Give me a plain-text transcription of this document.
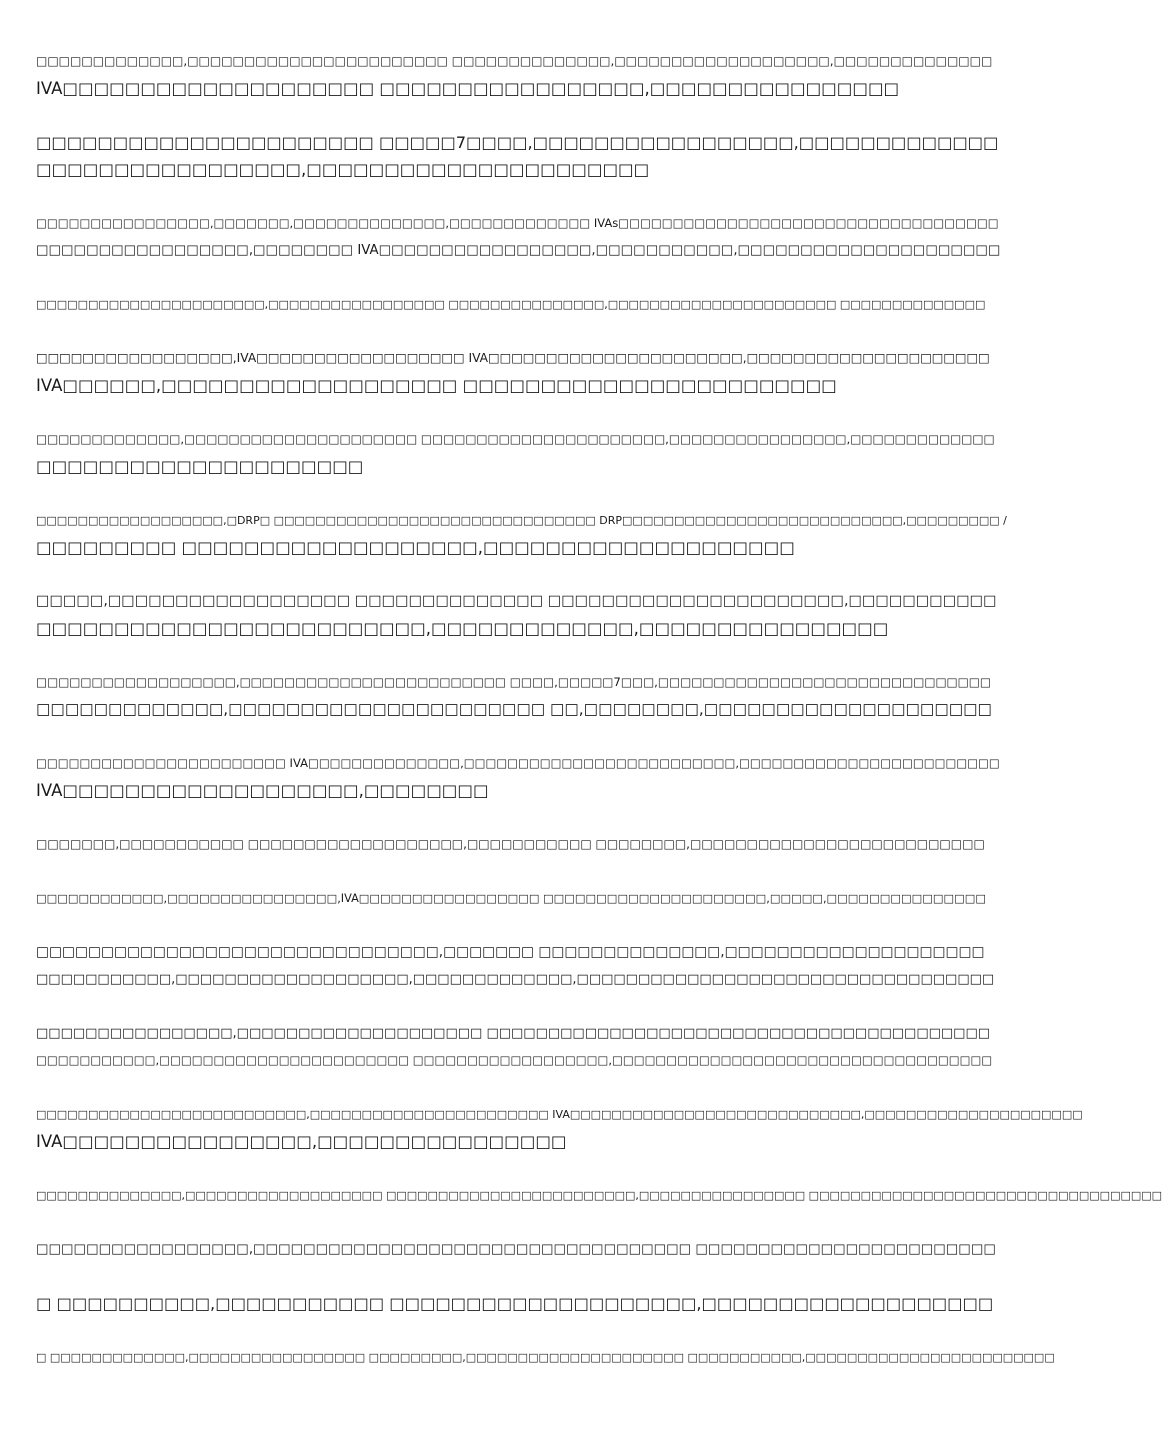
□□□□□□□□□□□□□,□□□□□□□□□□□□□□□□□□□□□□□ □□□□□□□□□□□□□□,□□□□□□□□□□□□□□□□□□□,□□□□□□□□□□□□□□
IVA□□□□□□□□□□□□□□□□□□□□ □□□□□□□□□□□□□□□□□,□□□□□□□□□□□□□□□□

□□□□□□□□□□□□□□□□□□□□□□ □□□□□7□□□□,□□□□□□□□□□□□□□□□□,□□□□□□□□□□□□□
□□□□□□□□□□□□□□□□□,□□□□□□□□□□□□□□□□□□□□□□

□□□□□□□□□□□□□□□□,□□□□□□□,□□□□□□□□□□□□□□,□□□□□□□□□□□□□ IVAs□□□□□□□□□□□□□□□□□□□□□□□□□□□□□□□□□□□
□□□□□□□□□□□□□□□□□,□□□□□□□□ IVA□□□□□□□□□□□□□□□□□,□□□□□□□□□□□,□□□□□□□□□□□□□□□□□□□□□

□□□□□□□□□□□□□□□□□□□□□□,□□□□□□□□□□□□□□□□□ □□□□□□□□□□□□□□□,□□□□□□□□□□□□□□□□□□□□□□ □□□□□□□□□□□□□□

□□□□□□□□□□□□□□□□□,IVA□□□□□□□□□□□□□□□□□□ IVA□□□□□□□□□□□□□□□□□□□□□□,□□□□□□□□□□□□□□□□□□□□□
IVA□□□□□□,□□□□□□□□□□□□□□□□□□□ □□□□□□□□□□□□□□□□□□□□□□□□

□□□□□□□□□□□□□,□□□□□□□□□□□□□□□□□□□□□ □□□□□□□□□□□□□□□□□□□□□□,□□□□□□□□□□□□□□□□,□□□□□□□□□□□□□
□□□□□□□□□□□□□□□□□□□□□

□□□□□□□□□□□□□□□□□□,□DRP□ □□□□□□□□□□□□□□□□□□□□□□□□□□□□□□□ DRP□□□□□□□□□□□□□□□□□□□□□□□□□□□,□□□□□□□□□ /
□□□□□□□□□ □□□□□□□□□□□□□□□□□□□,□□□□□□□□□□□□□□□□□□□□

□□□□□,□□□□□□□□□□□□□□□□□□ □□□□□□□□□□□□□□ □□□□□□□□□□□□□□□□□□□□□□,□□□□□□□□□□□
□□□□□□□□□□□□□□□□□□□□□□□□□,□□□□□□□□□□□□□,□□□□□□□□□□□□□□□□

□□□□□□□□□□□□□□□□□□,□□□□□□□□□□□□□□□□□□□□□□□□ □□□□,□□□□□7□□□,□□□□□□□□□□□□□□□□□□□□□□□□□□□□□□
□□□□□□□□□□□□□,□□□□□□□□□□□□□□□□□□□□□□ □□,□□□□□□□□,□□□□□□□□□□□□□□□□□□□□

□□□□□□□□□□□□□□□□□□□□□□□ IVA□□□□□□□□□□□□□□,□□□□□□□□□□□□□□□□□□□□□□□□□,□□□□□□□□□□□□□□□□□□□□□□□□
IVA□□□□□□□□□□□□□□□□□□□,□□□□□□□□

□□□□□□□,□□□□□□□□□□□ □□□□□□□□□□□□□□□□□□□,□□□□□□□□□□□ □□□□□□□□,□□□□□□□□□□□□□□□□□□□□□□□□□□

□□□□□□□□□□□□,□□□□□□□□□□□□□□□□,IVA□□□□□□□□□□□□□□□□□ □□□□□□□□□□□□□□□□□□□□□,□□□□□,□□□□□□□□□□□□□□□

□□□□□□□□□□□□□□□□□□□□□□□□□□□□□□□,□□□□□□□ □□□□□□□□□□□□□□,□□□□□□□□□□□□□□□□□□□□
□□□□□□□□□□□,□□□□□□□□□□□□□□□□□□□,□□□□□□□□□□□□□,□□□□□□□□□□□□□□□□□□□□□□□□□□□□□□□□□□

□□□□□□□□□□□□□□□□,□□□□□□□□□□□□□□□□□□□□ □□□□□□□□□□□□□□□□□□□□□□□□□□□□□□□□□□□□□□□□□
□□□□□□□□□□□,□□□□□□□□□□□□□□□□□□□□□□□ □□□□□□□□□□□□□□□□□□,□□□□□□□□□□□□□□□□□□□□□□□□□□□□□□□□□□□

□□□□□□□□□□□□□□□□□□□□□□□□□□,□□□□□□□□□□□□□□□□□□□□□□□ IVA□□□□□□□□□□□□□□□□□□□□□□□□□□□□,□□□□□□□□□□□□□□□□□□□□□
IVA□□□□□□□□□□□□□□□□,□□□□□□□□□□□□□□□□

□□□□□□□□□□□□□□,□□□□□□□□□□□□□□□□□□□ □□□□□□□□□□□□□□□□□□□□□□□□,□□□□□□□□□□□□□□□□ □□□□□□□□□□□□□□□□□□□□□□□□□□□□□□□□□□

□□□□□□□□□□□□□□□□□,□□□□□□□□□□□□□□□□□□□□□□□□□□□□□□□□□□□ □□□□□□□□□□□□□□□□□□□□□□□□

□ □□□□□□□□□□,□□□□□□□□□□□ □□□□□□□□□□□□□□□□□□□□,□□□□□□□□□□□□□□□□□□□

□ □□□□□□□□□□□□□,□□□□□□□□□□□□□□□□□ □□□□□□□□□,□□□□□□□□□□□□□□□□□□□□□ □□□□□□□□□□□,□□□□□□□□□□□□□□□□□□□□□□□□
